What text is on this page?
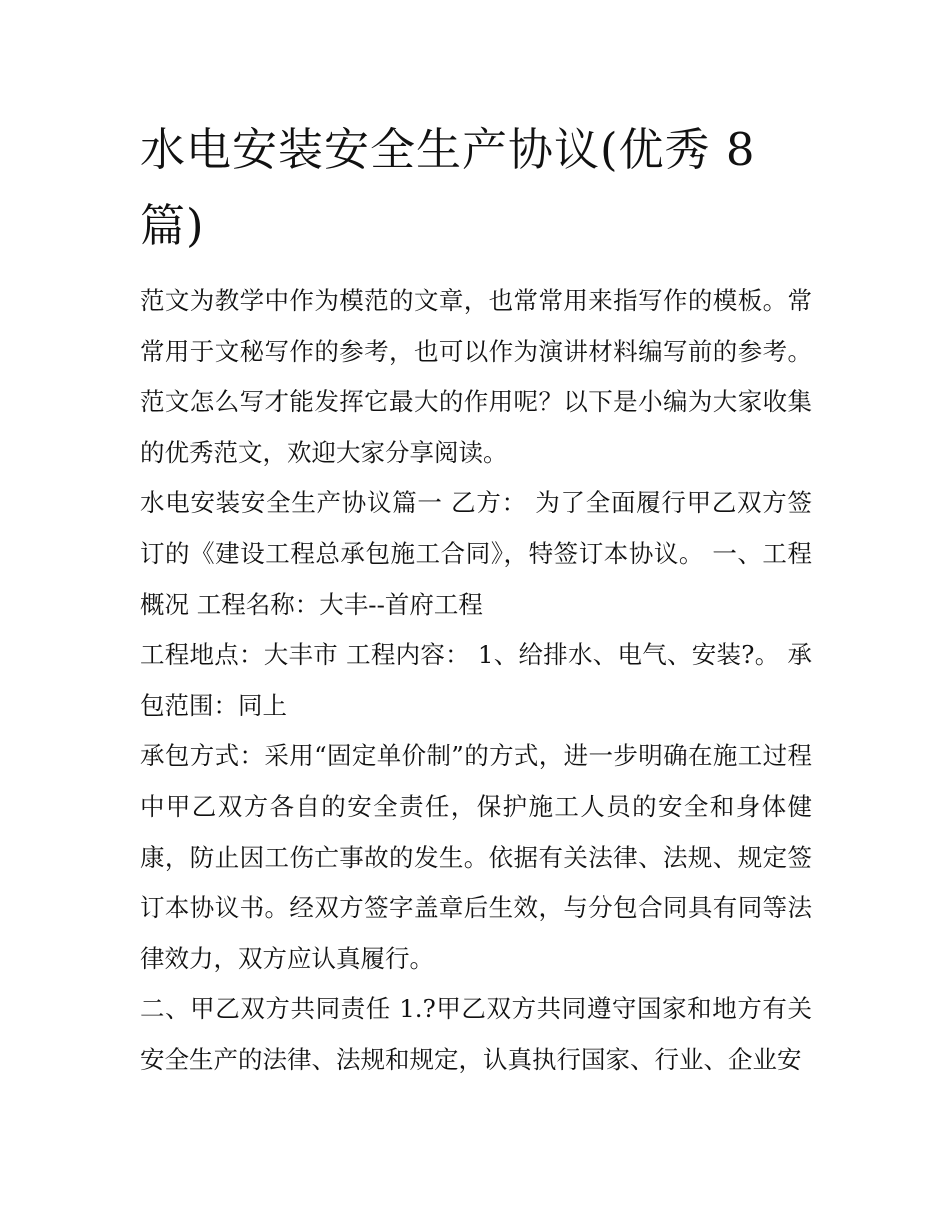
水电安装安全生产协议(优秀 8 篇)

范文为教学中作为模范的文章，也常常用来指写作的模板。常常用于文秘写作的参考，也可以作为演讲材料编写前的参考。范文怎么写才能发挥它最大的作用呢？以下是小编为大家收集的优秀范文，欢迎大家分享阅读。

水电安装安全生产协议篇一 乙方： 为了全面履行甲乙双方签订的《建设工程总承包施工合同》，特签订本协议。 一、工程概况 工程名称：大丰--首府工程

工程地点：大丰市 工程内容： 1、给排水、电气、安装?。 承包范围：同上

承包方式：采用“固定单价制”的方式，进一步明确在施工过程中甲乙双方各自的安全责任，保护施工人员的安全和身体健康，防止因工伤亡事故的发生。依据有关法律、法规、规定签订本协议书。经双方签字盖章后生效，与分包合同具有同等法律效力，双方应认真履行。

二、甲乙双方共同责任 1.?甲乙双方共同遵守国家和地方有关安全生产的法律、法规和规定，认真执行国家、行业、企业安
